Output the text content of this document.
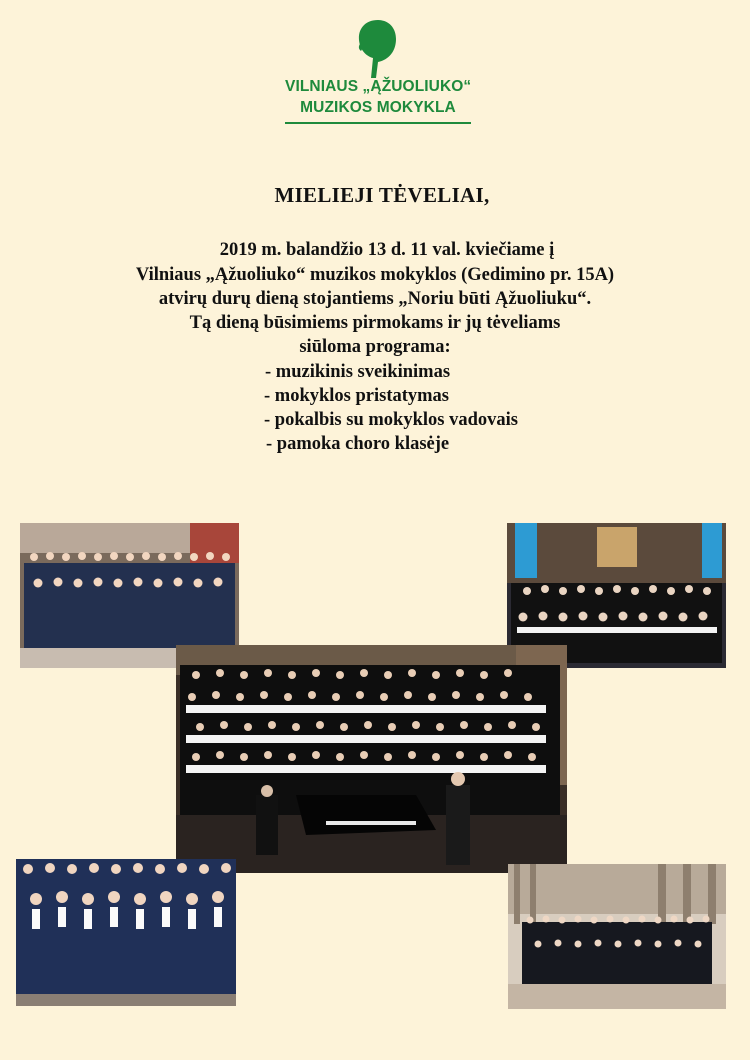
VILNIAUS „ĄŽUOLIUKO“
MUZIKOS MOKYKLA
MIELIEJI TĖVELIAI,
2019 m. balandžio 13 d. 11 val. kviečiame į
Vilniaus „Ąžuoliuko“ muzikos mokyklos (Gedimino pr. 15A)
atvirų durų dieną stojantiems „Noriu būti Ąžuoliuku“.
Tą dieną būsimiems pirmokams ir jų tėveliams
siūloma programa:
- muzikinis sveikinimas
- mokyklos pristatymas
- pokalbis su mokyklos vadovais
- pamoka choro klasėje
